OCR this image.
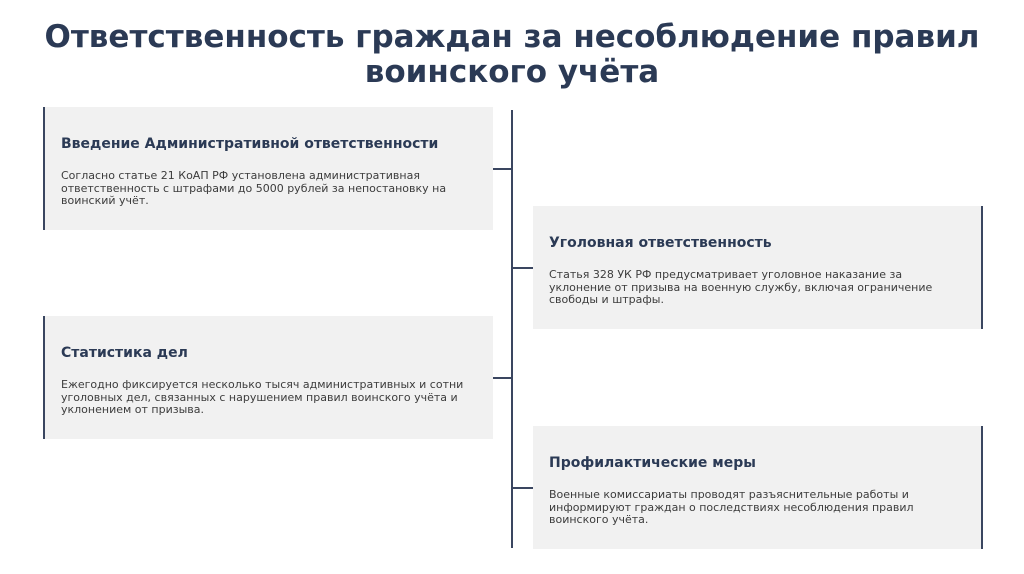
Ответственность граждан за несоблюдение правил воинского учёта
Введение Административной ответственности

Согласно статье 21 КоАП РФ установлена административная ответственность с штрафами до 5000 рублей за непостановку на воинский учёт.

Уголовная ответственность

Статья 328 УК РФ предусматривает уголовное наказание за уклонение от призыва на военную службу, включая ограничение свободы и штрафы.

Статистика дел

Ежегодно фиксируется несколько тысяч административных и сотни уголовных дел, связанных с нарушением правил воинского учёта и уклонением от призыва.

Профилактические меры

Военные комиссариаты проводят разъяснительные работы и информируют граждан о последствиях несоблюдения правил воинского учёта.
